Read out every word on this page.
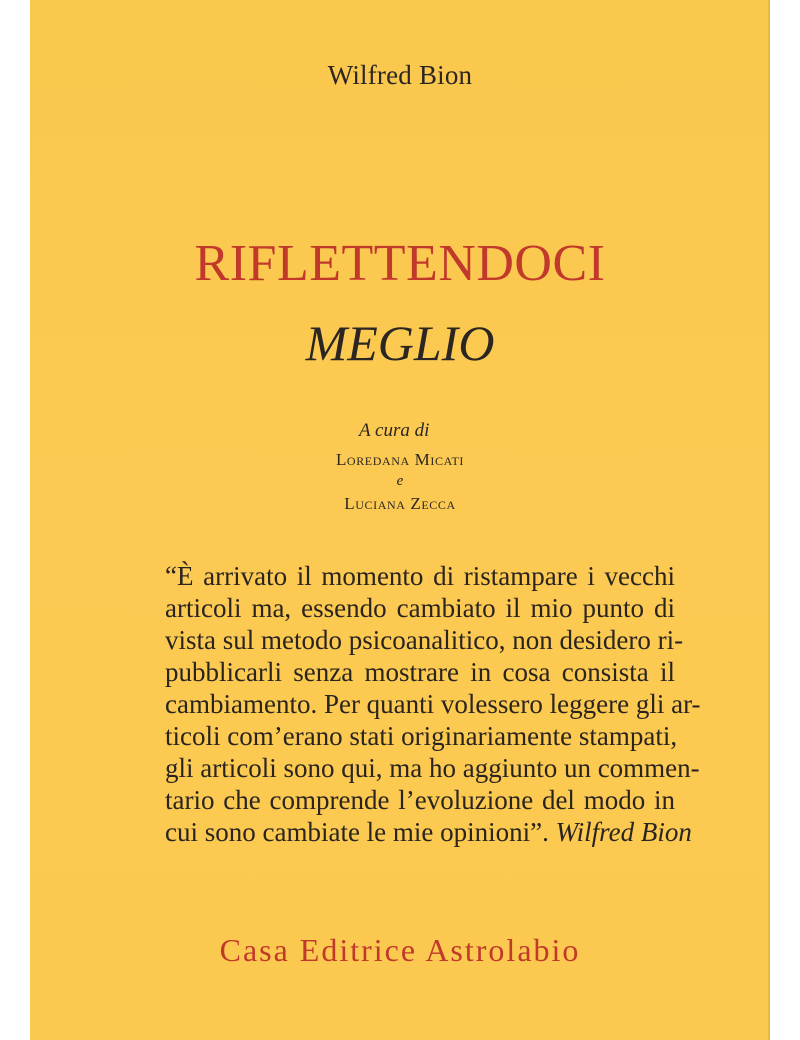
Wilfred Bion
RIFLETTENDOCI
MEGLIO
A cura di
Loredana Micati
e
Luciana Zecca
“È arrivato il momento di ristampare i vecchi
articoli ma, essendo cambiato il mio punto di
vista sul metodo psicoanalitico, non desidero ri-
pubblicarli senza mostrare in cosa consista il
cambiamento. Per quanti volessero leggere gli ar-
ticoli com’erano stati originariamente stampati,
gli articoli sono qui, ma ho aggiunto un commen-
tario che comprende l’evoluzione del modo in
cui sono cambiate le mie opinioni”. Wilfred Bion
Casa Editrice Astrolabio
